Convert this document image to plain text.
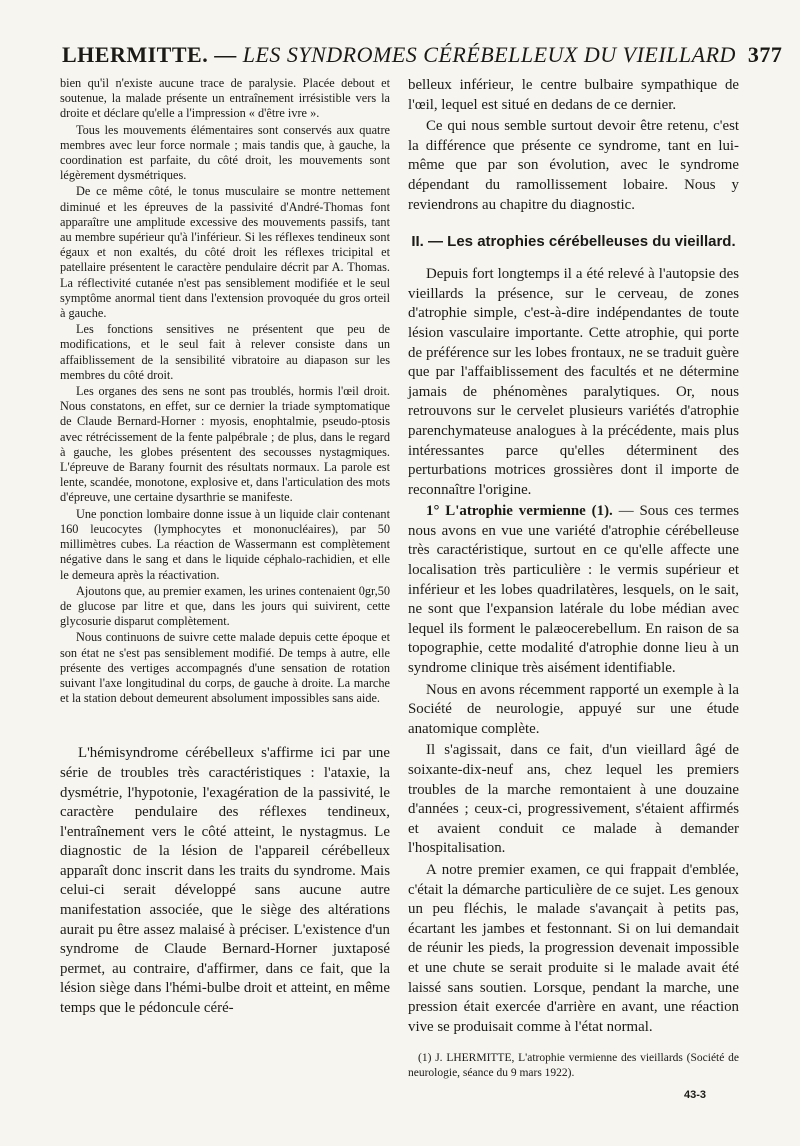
LHERMITTE. — LES SYNDROMES CÉRÉBELLEUX DU VIEILLARD 377

bien qu'il n'existe aucune trace de paralysie. Placée debout et soutenue, la malade présente un entraînement irrésistible vers la droite et déclare qu'elle a l'impression « d'être ivre ».

Tous les mouvements élémentaires sont conservés aux quatre membres avec leur force normale ; mais tandis que, à gauche, la coordination est parfaite, du côté droit, les mouvements sont légèrement dysmétriques.

De ce même côté, le tonus musculaire se montre nettement diminué et les épreuves de la passivité d'André-Thomas font apparaître une amplitude excessive des mouvements passifs, tant au membre supérieur qu'à l'inférieur. Si les réflexes tendineux sont égaux et non exaltés, du côté droit les réflexes tricipital et patellaire présentent le caractère pendulaire décrit par A. Thomas. La réflectivité cutanée n'est pas sensiblement modifiée et le seul symptôme anormal tient dans l'extension provoquée du gros orteil à gauche.

Les fonctions sensitives ne présentent que peu de modifications, et le seul fait à relever consiste dans un affaiblissement de la sensibilité vibratoire au diapason sur les membres du côté droit.

Les organes des sens ne sont pas troublés, hormis l'œil droit. Nous constatons, en effet, sur ce dernier la triade symptomatique de Claude Bernard-Horner : myosis, enophtalmie, pseudo-ptosis avec rétrécissement de la fente palpébrale ; de plus, dans le regard à gauche, les globes présentent des secousses nystagmiques. L'épreuve de Barany fournit des résultats normaux. La parole est lente, scandée, monotone, explosive et, dans l'articulation des mots d'épreuve, une certaine dysarthrie se manifeste.

Une ponction lombaire donne issue à un liquide clair contenant 160 leucocytes (lymphocytes et mononucléaires), par 50 millimètres cubes. La réaction de Wassermann est complètement négative dans le sang et dans le liquide céphalo-rachidien, et elle le demeura après la réactivation.

Ajoutons que, au premier examen, les urines contenaient 0gr,50 de glucose par litre et que, dans les jours qui suivirent, cette glycosurie disparut complètement.

Nous continuons de suivre cette malade depuis cette époque et son état ne s'est pas sensiblement modifié. De temps à autre, elle présente des vertiges accompagnés d'une sensation de rotation suivant l'axe longitudinal du corps, de gauche à droite. La marche et la station debout demeurent absolument impossibles sans aide.

L'hémisyndrome cérébelleux s'affirme ici par une série de troubles très caractéristiques : l'ataxie, la dysmétrie, l'hypotonie, l'exagération de la passivité, le caractère pendulaire des réflexes tendineux, l'entraînement vers le côté atteint, le nystagmus. Le diagnostic de la lésion de l'appareil cérébelleux apparaît donc inscrit dans les traits du syndrome. Mais celui-ci serait développé sans aucune autre manifestation associée, que le siège des altérations aurait pu être assez malaisé à préciser. L'existence d'un syndrome de Claude Bernard-Horner juxtaposé permet, au contraire, d'affirmer, dans ce fait, que la lésion siège dans l'hémi-bulbe droit et atteint, en même temps que le pédoncule céré-

belleux inférieur, le centre bulbaire sympathique de l'œil, lequel est situé en dedans de ce dernier.

Ce qui nous semble surtout devoir être retenu, c'est la différence que présente ce syndrome, tant en lui-même que par son évolution, avec le syndrome dépendant du ramollissement lobaire. Nous y reviendrons au chapitre du diagnostic.

II. — Les atrophies cérébelleuses du vieillard.

Depuis fort longtemps il a été relevé à l'autopsie des vieillards la présence, sur le cerveau, de zones d'atrophie simple, c'est-à-dire indépendantes de toute lésion vasculaire importante. Cette atrophie, qui porte de préférence sur les lobes frontaux, ne se traduit guère que par l'affaiblissement des facultés et ne détermine jamais de phénomènes paralytiques. Or, nous retrouvons sur le cervelet plusieurs variétés d'atrophie parenchymateuse analogues à la précédente, mais plus intéressantes parce qu'elles déterminent des perturbations motrices grossières dont il importe de reconnaître l'origine.

1° L'atrophie vermienne (1). — Sous ces termes nous avons en vue une variété d'atrophie cérébelleuse très caractéristique, surtout en ce qu'elle affecte une localisation très particulière : le vermis supérieur et inférieur et les lobes quadrilatères, lesquels, on le sait, ne sont que l'expansion latérale du lobe médian avec lequel ils forment le palæocerebellum. En raison de sa topographie, cette modalité d'atrophie donne lieu à un syndrome clinique très aisément identifiable.

Nous en avons récemment rapporté un exemple à la Société de neurologie, appuyé sur une étude anatomique complète.

Il s'agissait, dans ce fait, d'un vieillard âgé de soixante-dix-neuf ans, chez lequel les premiers troubles de la marche remontaient à une douzaine d'années ; ceux-ci, progressivement, s'étaient affirmés et avaient conduit ce malade à demander l'hospitalisation.

A notre premier examen, ce qui frappait d'emblée, c'était la démarche particulière de ce sujet. Les genoux un peu fléchis, le malade s'avançait à petits pas, écartant les jambes et festonnant. Si on lui demandait de réunir les pieds, la progression devenait impossible et une chute se serait produite si le malade avait été laissé sans soutien. Lorsque, pendant la marche, une pression était exercée d'arrière en avant, une réaction vive se produisait comme à l'état normal.

(1) J. LHERMITTE, L'atrophie vermienne des vieillards (Société de neurologie, séance du 9 mars 1922).
43-3
